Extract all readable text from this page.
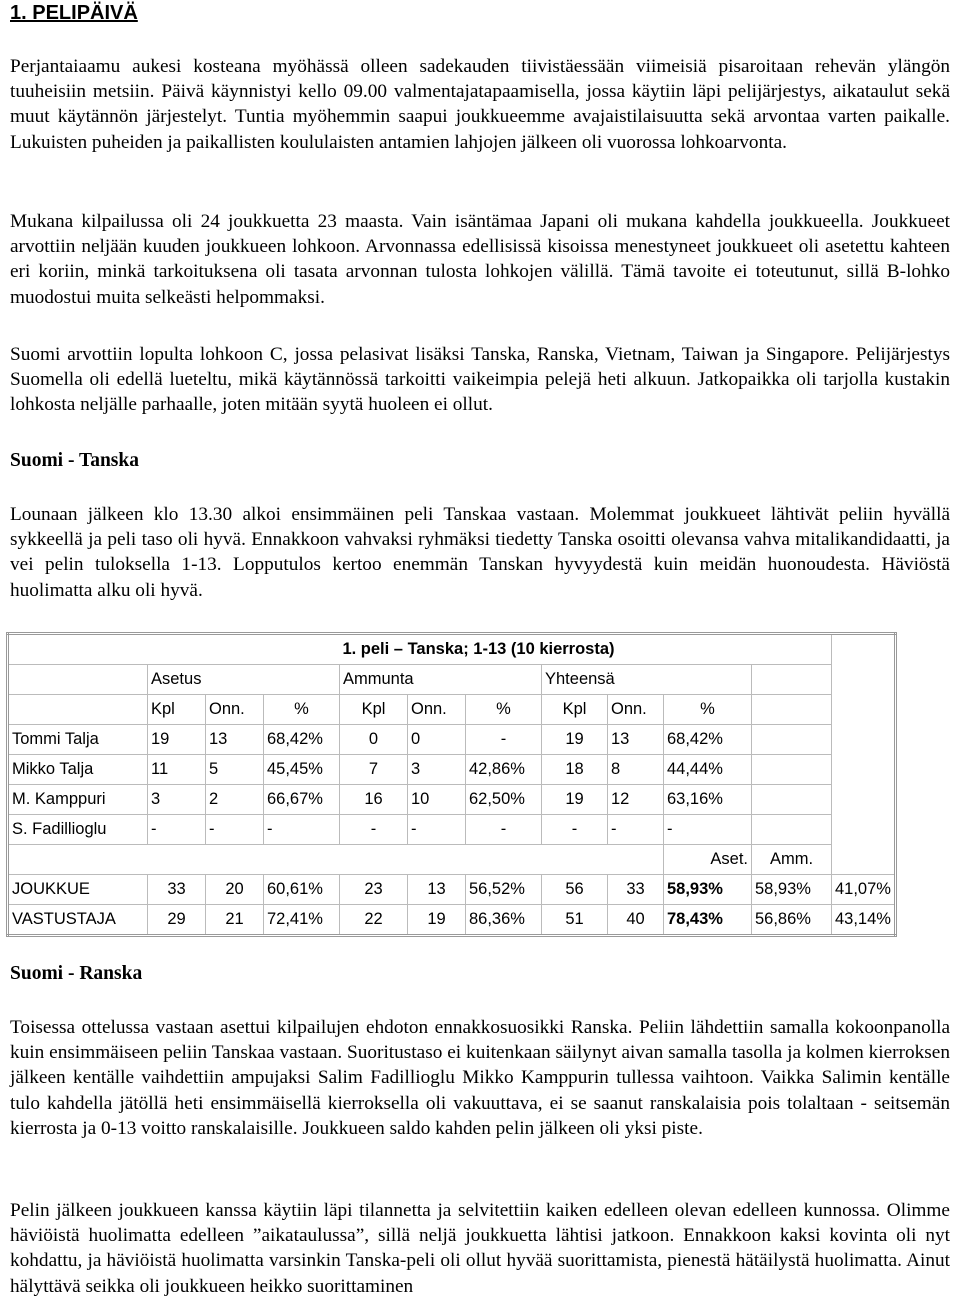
1. PELIPÄIVÄ

Perjantaiaamu aukesi kosteana myöhässä olleen sadekauden tiivistäessään viimeisiä pisaroitaan rehevän ylängön tuuheisiin metsiin. Päivä käynnistyi kello 09.00 valmentajatapaamisella, jossa käytiin läpi pelijärjestys, aikataulut sekä muut käytännön järjestelyt. Tuntia myöhemmin saapui joukkueemme avajaistilaisuutta sekä arvontaa varten paikalle. Lukuisten puheiden ja paikallisten koululaisten antamien lahjojen jälkeen oli vuorossa lohkoarvonta.

Mukana kilpailussa oli 24 joukkuetta 23 maasta. Vain isäntämaa Japani oli mukana kahdella joukkueella. Joukkueet arvottiin neljään kuuden joukkueen lohkoon. Arvonnassa edellisissä kisoissa menestyneet joukkueet oli asetettu kahteen eri koriin, minkä tarkoituksena oli tasata arvonnan tulosta lohkojen välillä. Tämä tavoite ei toteutunut, sillä B-lohko muodostui muita selkeästi helpommaksi.

Suomi arvottiin lopulta lohkoon C, jossa pelasivat lisäksi Tanska, Ranska, Vietnam, Taiwan ja Singapore. Pelijärjestys Suomella oli edellä lueteltu, mikä käytännössä tarkoitti vaikeimpia pelejä heti alkuun. Jatkopaikka oli tarjolla kustakin lohkosta neljälle parhaalle, joten mitään syytä huoleen ei ollut.

Suomi - Tanska

Lounaan jälkeen klo 13.30 alkoi ensimmäinen peli Tanskaa vastaan. Molemmat joukkueet lähtivät peliin hyvällä sykkeellä ja peli taso oli hyvä. Ennakkoon vahvaksi ryhmäksi tiedetty Tanska osoitti olevansa vahva mitalikandidaatti, ja vei pelin tuloksella 1-13. Lopputulos kertoo enemmän Tanskan hyvyydestä kuin meidän huonoudesta. Häviöstä huolimatta alku oli hyvä.

Suomi - Ranska

Toisessa ottelussa vastaan asettui kilpailujen ehdoton ennakkosuosikki Ranska. Peliin lähdettiin samalla kokoonpanolla kuin ensimmäiseen peliin Tanskaa vastaan. Suoritustaso ei kuitenkaan säilynyt aivan samalla tasolla ja kolmen kierroksen jälkeen kentälle vaihdettiin ampujaksi Salim Fadillioglu Mikko Kamppurin tullessa vaihtoon. Vaikka Salimin kentälle tulo kahdella jätöllä heti ensimmäisellä kierroksella oli vakuuttava, ei se saanut ranskalaisia pois tolaltaan - seitsemän kierrosta ja 0-13 voitto ranskalaisille. Joukkueen saldo kahden pelin jälkeen oli yksi piste.

Pelin jälkeen joukkueen kanssa käytiin läpi tilannetta ja selvitettiin kaiken edelleen olevan edelleen kunnossa. Olimme häviöistä huolimatta edelleen ”aikataulussa”, sillä neljä joukkuetta lähtisi jatkoon. Ennakkoon kaksi kovinta oli nyt kohdattu, ja häviöistä huolimatta varsinkin Tanska-peli oli ollut hyvää suorittamista, pienestä hätäilystä huolimatta. Ainut hälyttävä seikka oli joukkueen heikko suorittaminen

1. peli – Tanska; 1-13 (10 kierrosta)											
	Asetus			Ammunta			Yhteensä				
	Kpl	Onn.	%	Kpl	Onn.	%	Kpl	Onn.	%		
Tommi Talja	19	13	68,42%	0	0	-	19	13	68,42%		
Mikko Talja	11	5	45,45%	7	3	42,86%	18	8	44,44%		
M. Kamppuri	3	2	66,67%	16	10	62,50%	19	12	63,16%		
S. Fadillioglu	-	-	-	-	-	-	-	-	-		
									Aset.	Amm.	
JOUKKUE	33	20	60,61%	23	13	56,52%	56	33	58,93%	58,93%	41,07%
VASTUSTAJA	29	21	72,41%	22	19	86,36%	51	40	78,43%	56,86%	43,14%
